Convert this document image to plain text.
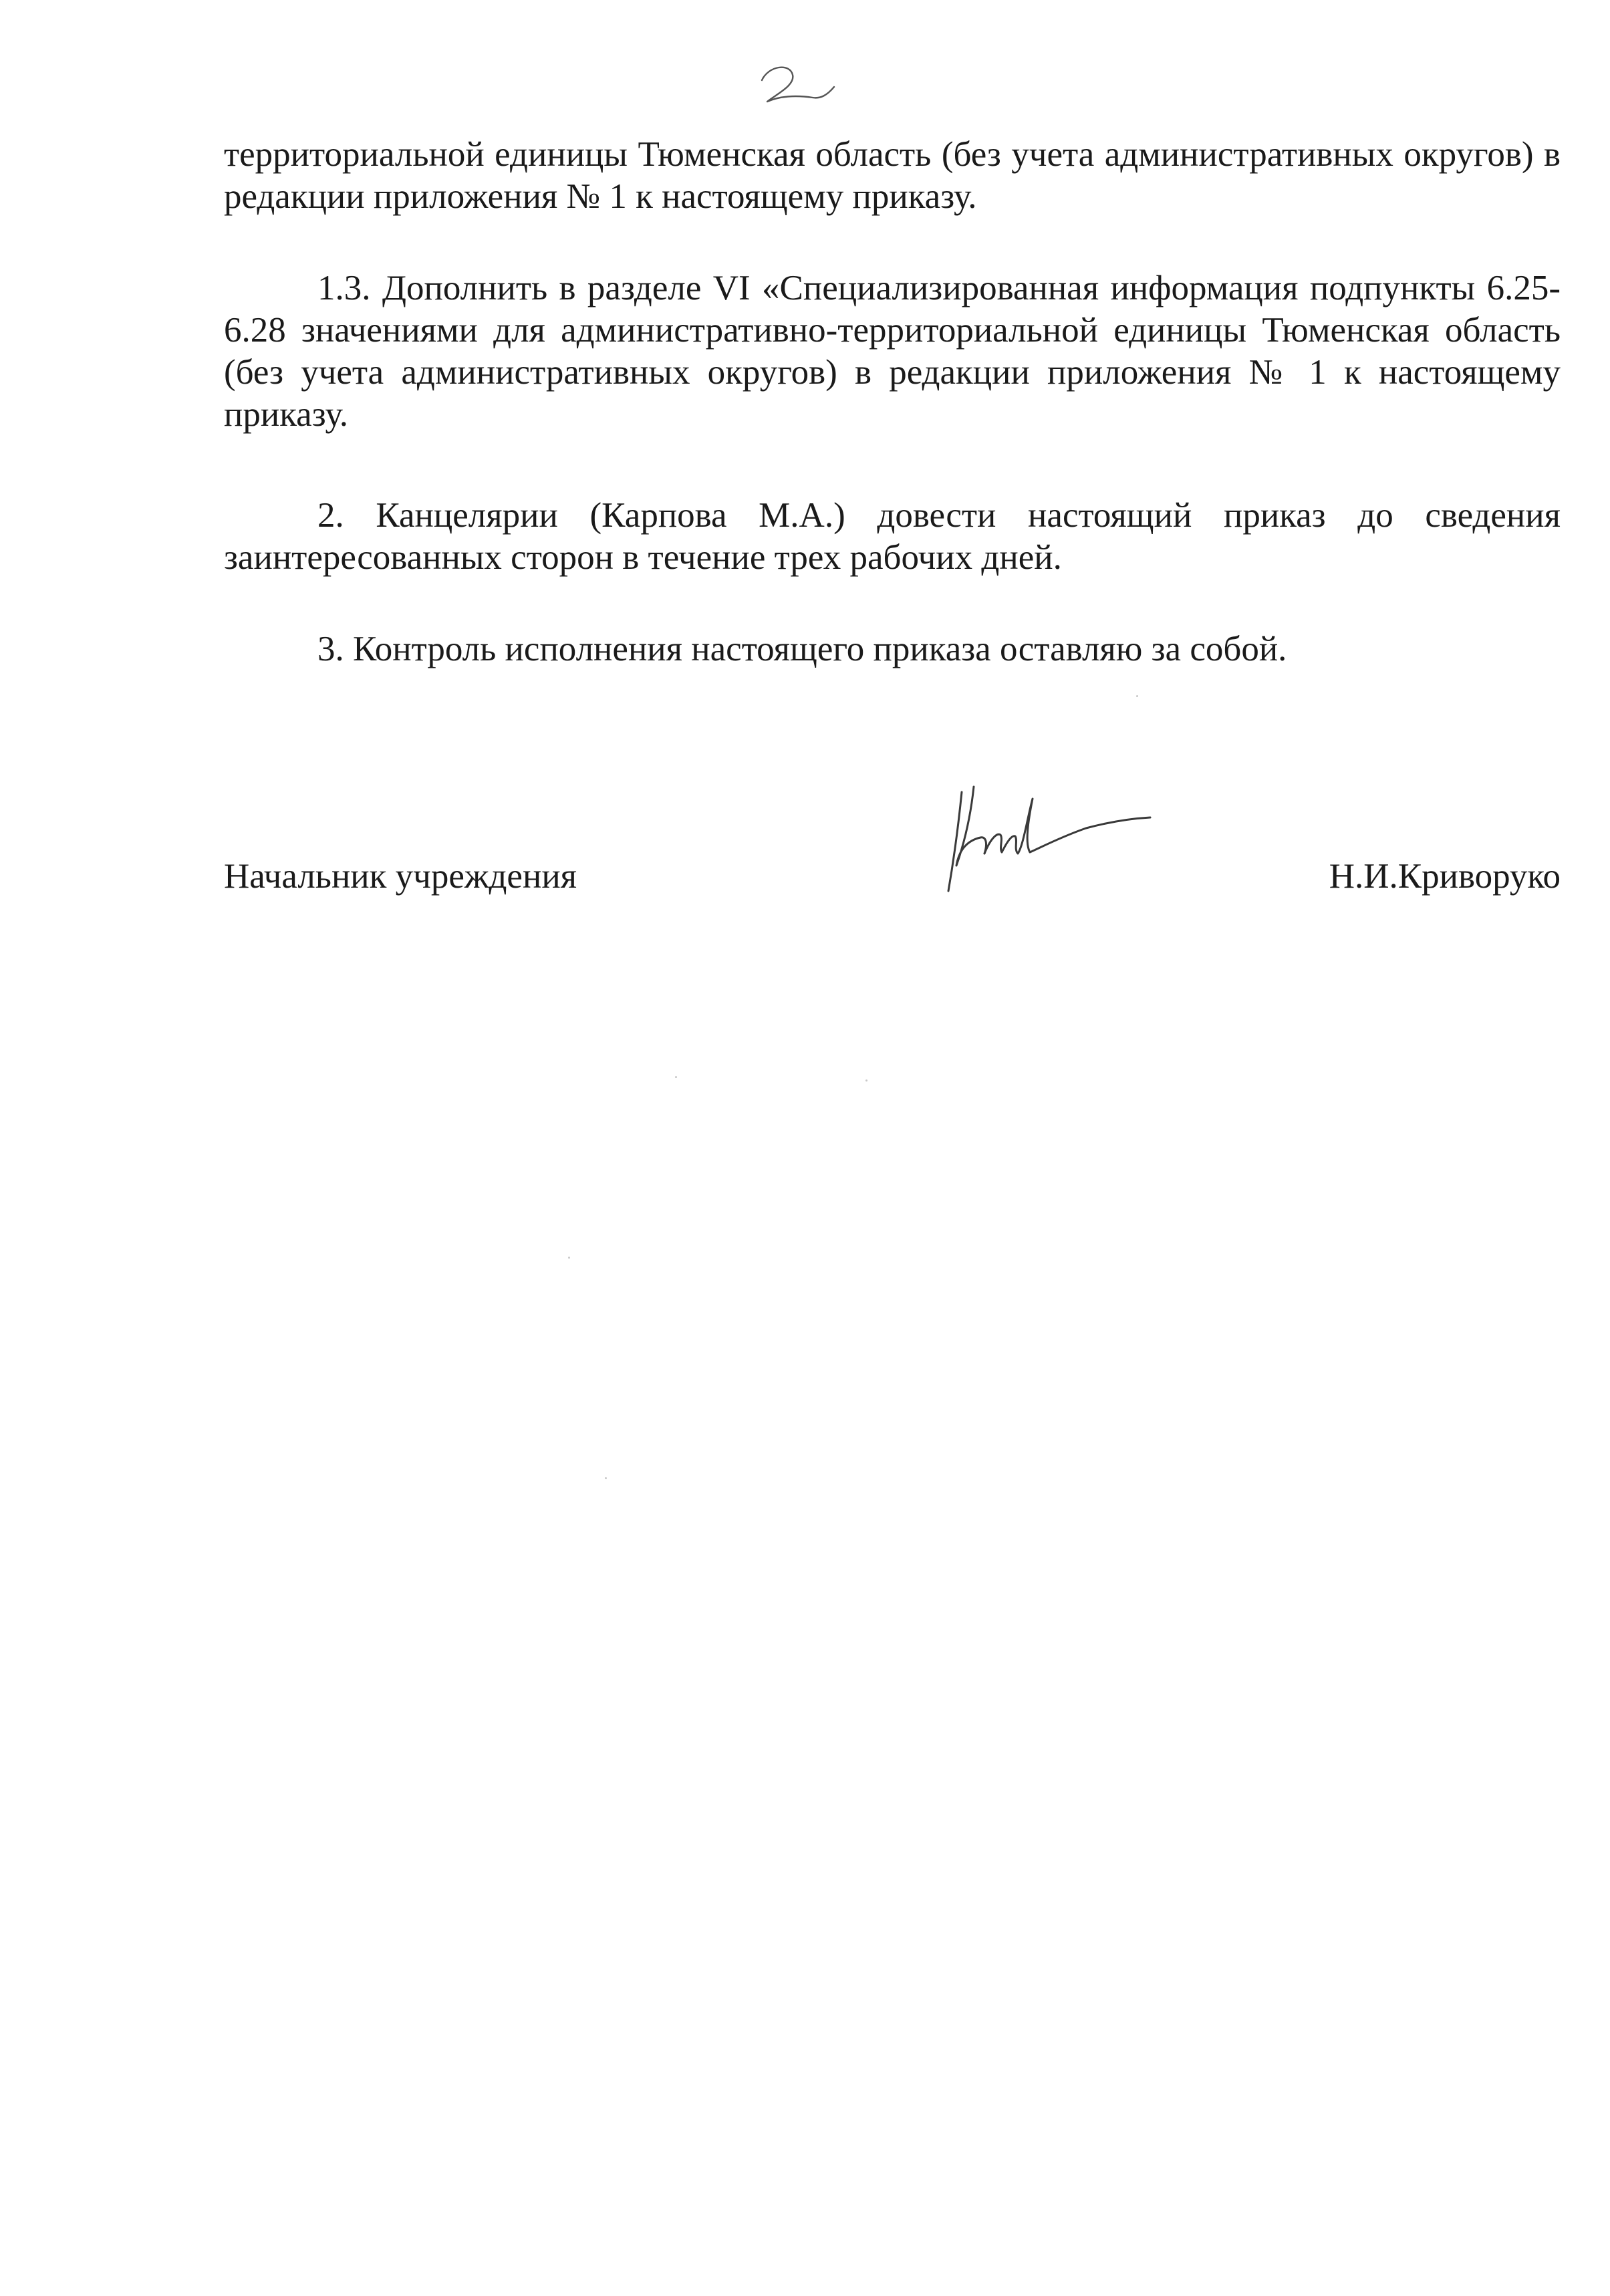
территориальной единицы Тюменская область (без учета административных округов) в редакции приложения № 1 к настоящему приказу.
1.3. Дополнить в разделе VI «Специализированная информация подпункты 6.25-6.28 значениями для административно-территориальной единицы Тюменская область (без учета административных округов) в редакции приложения № 1 к настоящему приказу.
2. Канцелярии (Карпова М.А.) довести настоящий приказ до сведения заинтересованных сторон в течение трех рабочих дней.
3. Контроль исполнения настоящего приказа оставляю за собой.
Начальник учреждения	Н.И.Криворуко
